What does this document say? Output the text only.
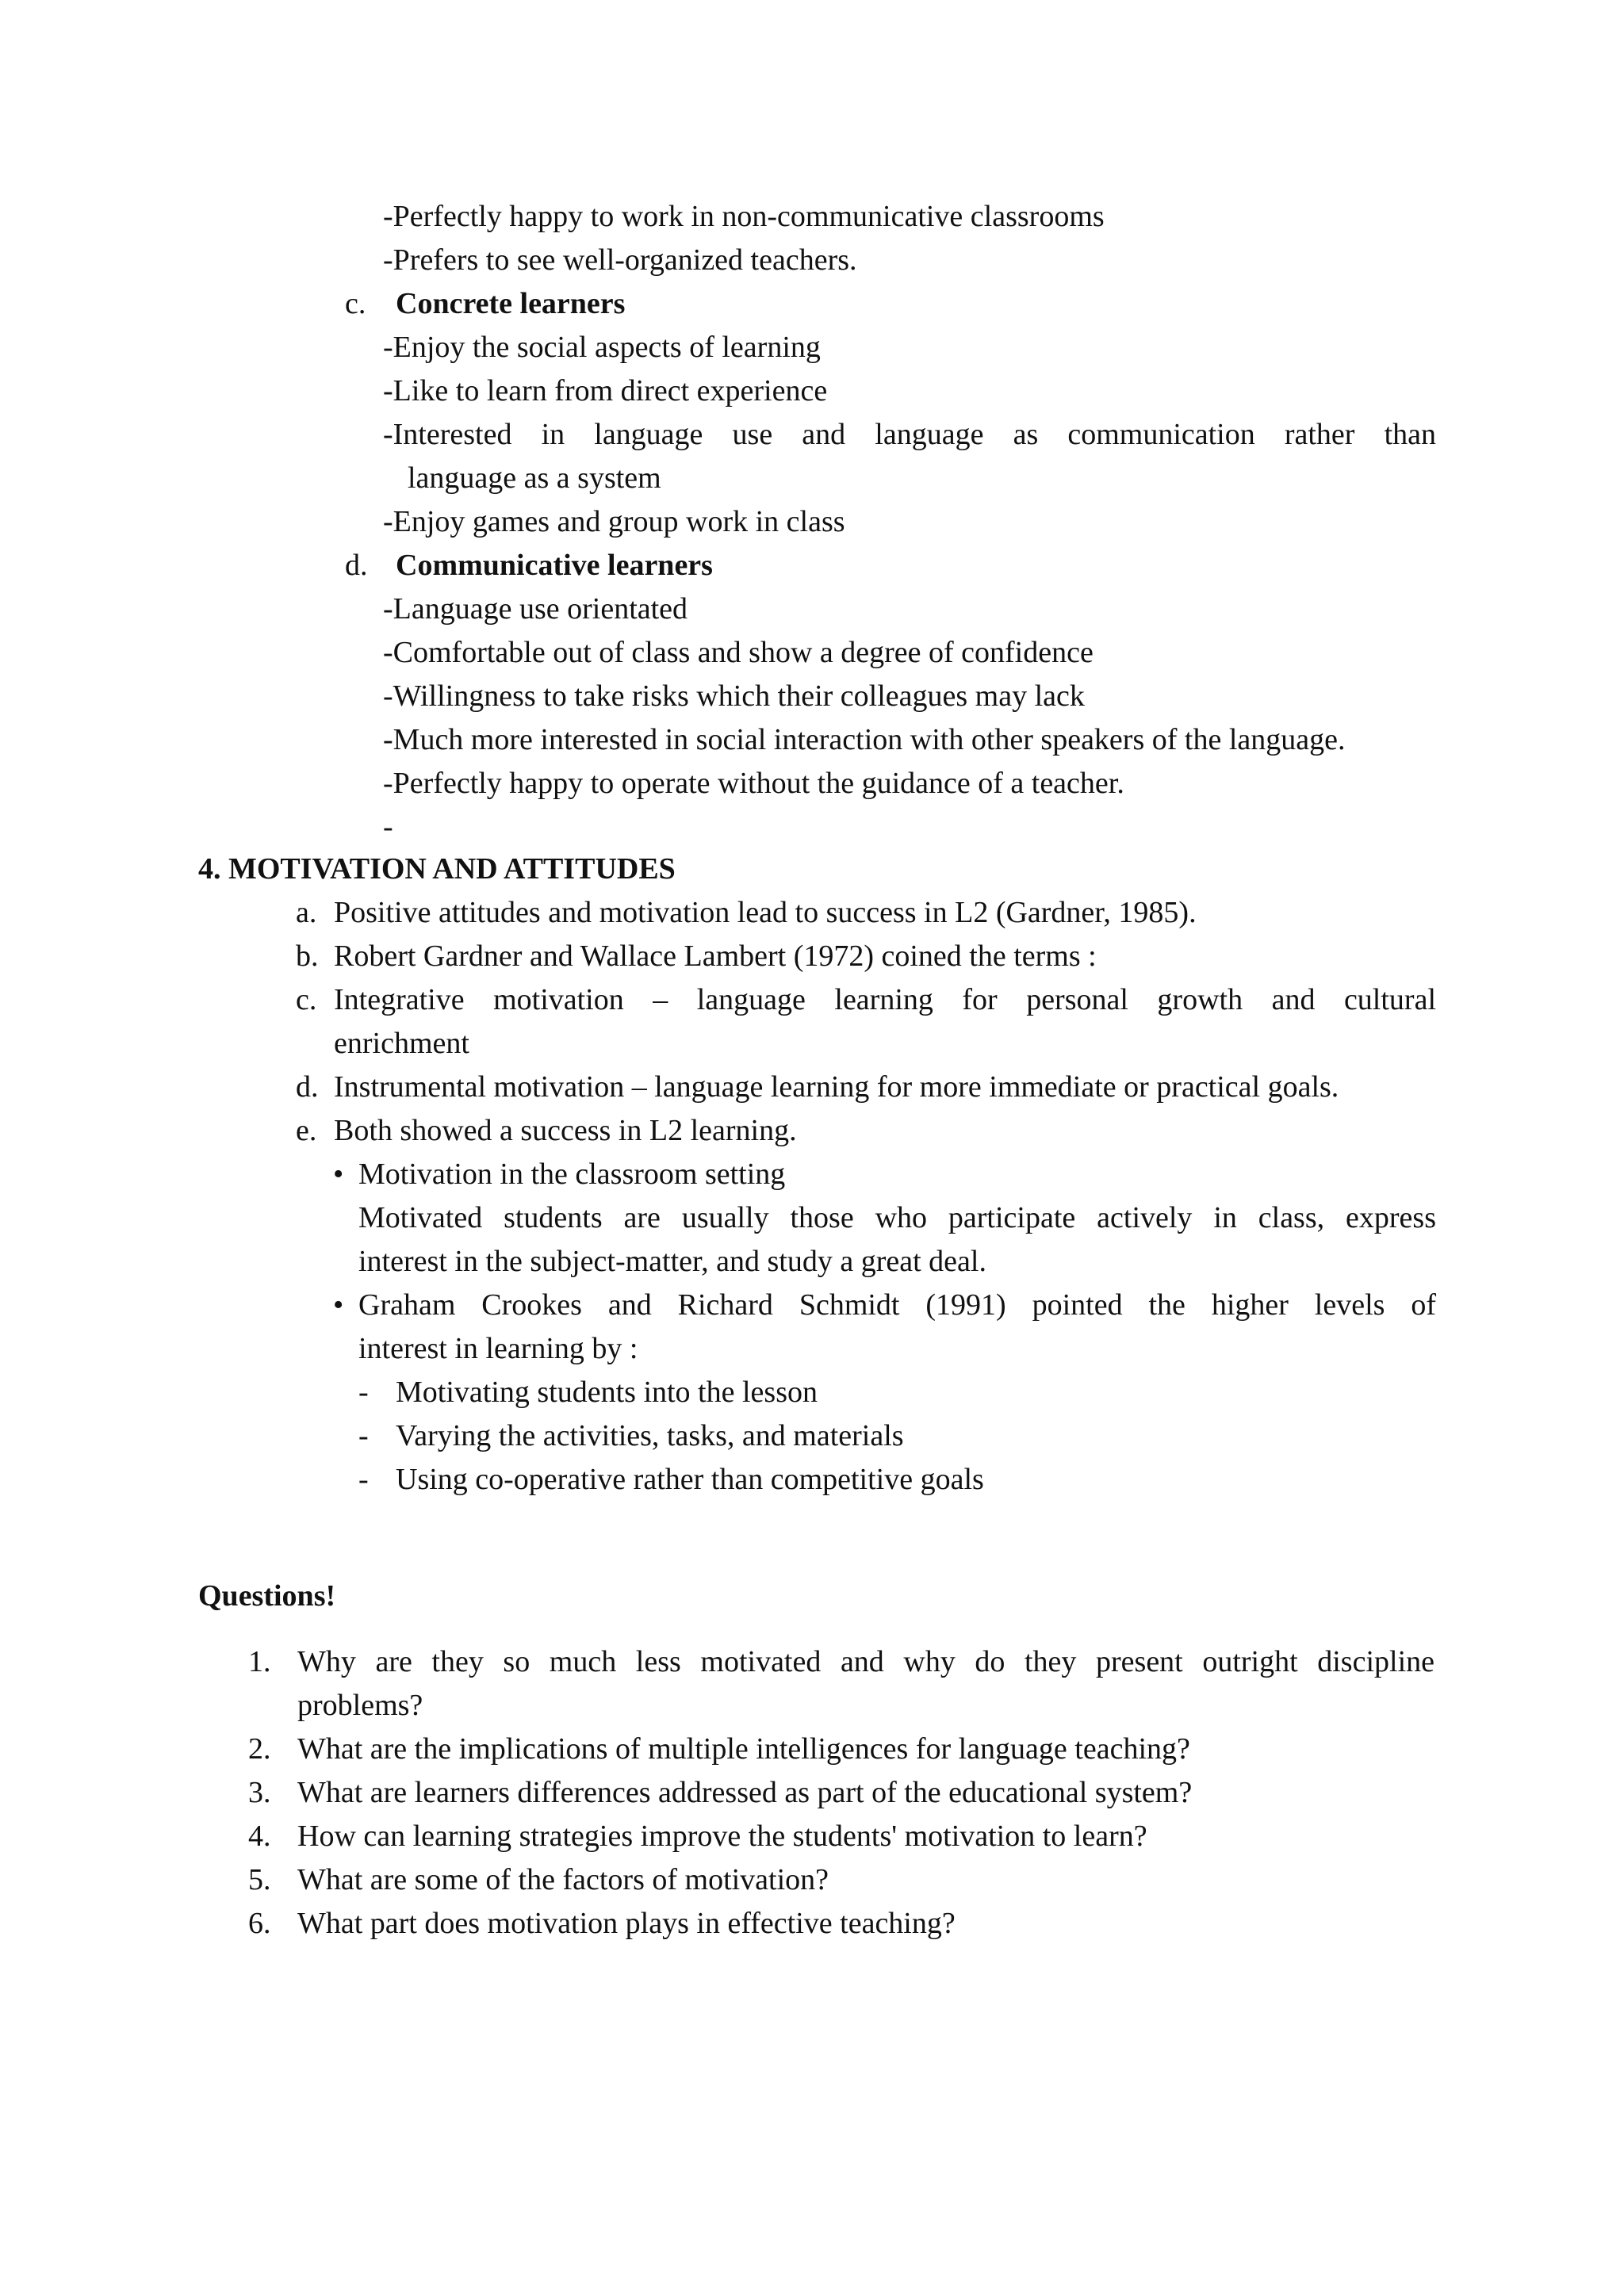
-Perfectly happy to work in non-communicative classrooms
-Prefers to see well-organized teachers.
c. Concrete learners
-Enjoy the social aspects of learning
-Like to learn from direct experience
-Interested in language use and language as communication rather than
language as a system
-Enjoy games and group work in class
d. Communicative learners
-Language use orientated
-Comfortable out of class and show a degree of confidence
-Willingness to take risks which their colleagues may lack
-Much more interested in social interaction with other speakers of the language.
-Perfectly happy to operate without the guidance of a teacher.
-
4. MOTIVATION AND ATTITUDES
a. Positive attitudes and motivation lead to success in L2 (Gardner, 1985).
b. Robert Gardner and Wallace Lambert (1972) coined the terms :
c. Integrative motivation – language learning for personal growth and cultural
enrichment
d. Instrumental motivation – language learning for more immediate or practical goals.
e. Both showed a success in L2 learning.
• Motivation in the classroom setting
Motivated students are usually those who participate actively in class, express
interest in the subject-matter, and study a great deal.
• Graham Crookes and Richard Schmidt (1991) pointed the higher levels of
interest in learning by :
- Motivating students into the lesson
- Varying the activities, tasks, and materials
- Using co-operative rather than competitive goals
Questions!
1. Why are they so much less motivated and why do they present outright discipline
problems?
2. What are the implications of multiple intelligences for language teaching?
3. What are learners differences addressed as part of the educational system?
4. How can learning strategies improve the students' motivation to learn?
5. What are some of the factors of motivation?
6. What part does motivation plays in effective teaching?
